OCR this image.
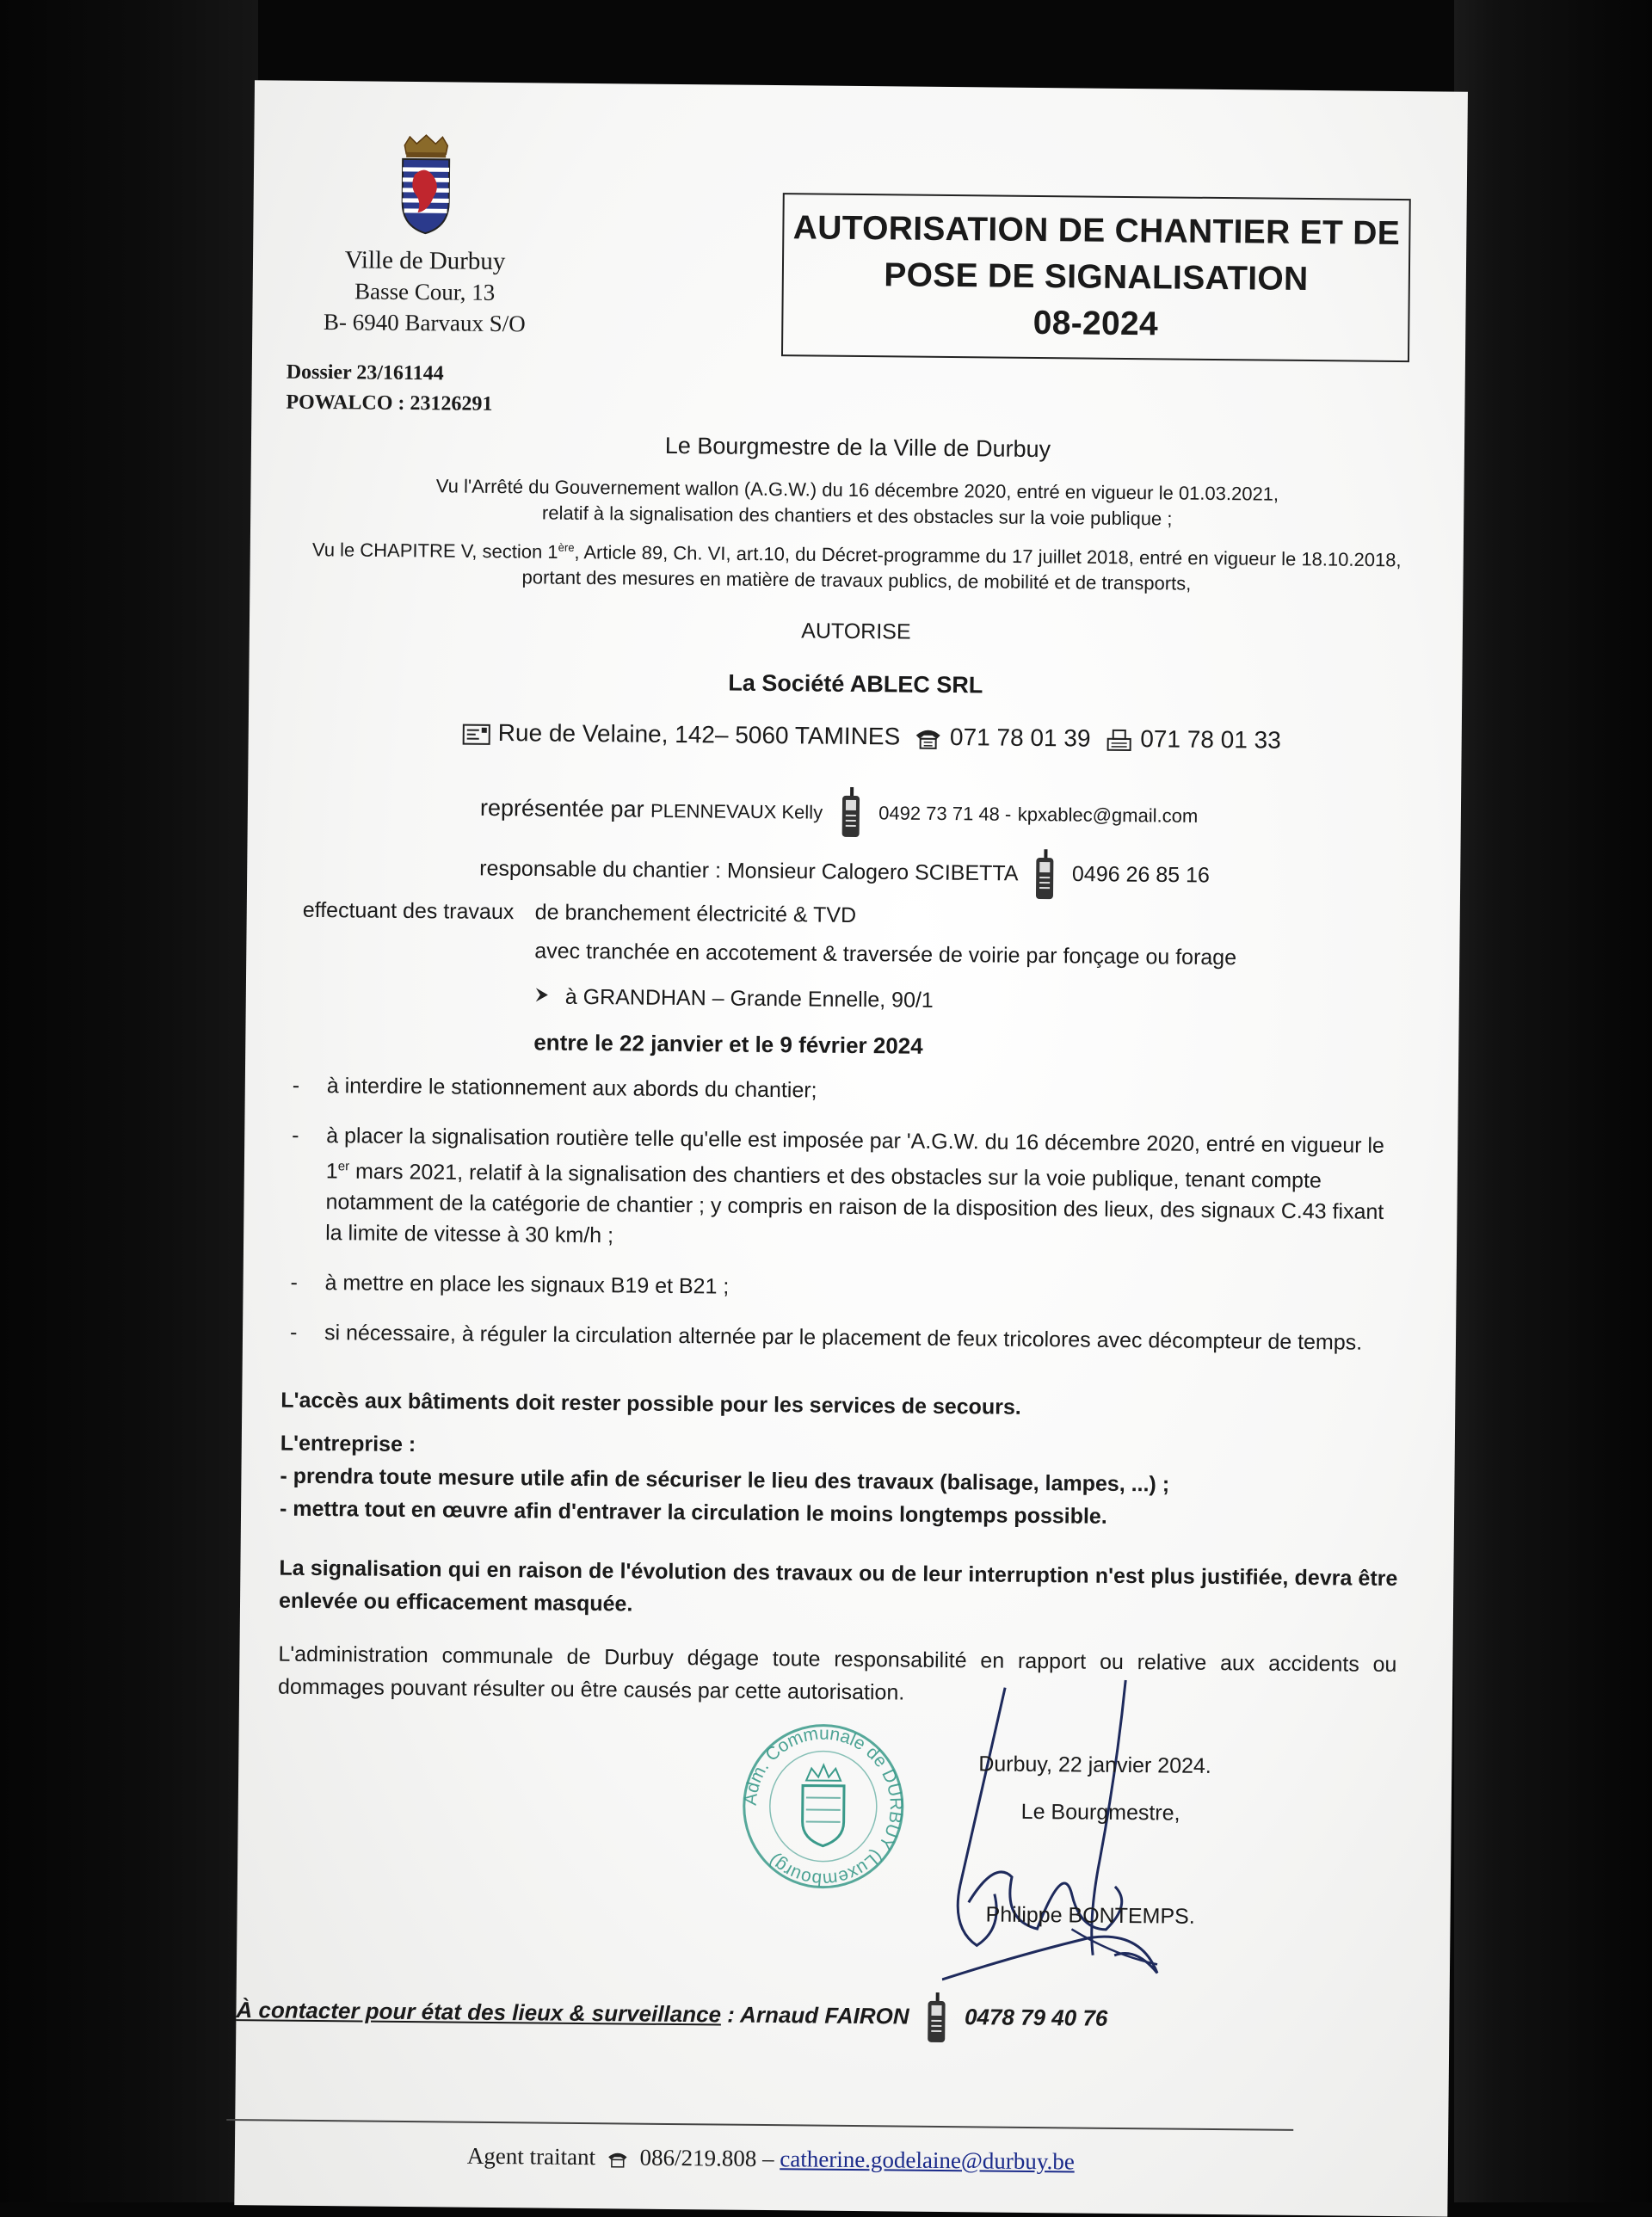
Ville de Durbuy
Basse Cour, 13
B- 6940 Barvaux S/O
Dossier 23/161144
POWALCO : 23126291
AUTORISATION DE CHANTIER ET DE
POSE DE SIGNALISATION
08-2024
Le Bourgmestre de la Ville de Durbuy
Vu l'Arrêté du Gouvernement wallon (A.G.W.) du 16 décembre 2020, entré en vigueur le 01.03.2021,
relatif à la signalisation des chantiers et des obstacles sur la voie publique ;
Vu le CHAPITRE V, section 1ère, Article 89, Ch. VI, art.10, du Décret-programme du 17 juillet 2018, entré en vigueur le 18.10.2018,
portant des mesures en matière de travaux publics, de mobilité et de transports,
AUTORISE
La Société ABLEC SRL
Rue de Velaine, 142– 5060 TAMINES 071 78 01 39 071 78 01 33
représentée par PLENNEVAUX Kelly	0492 73 71 48 - kpxablec@gmail.com
responsable du chantier : Monsieur Calogero SCIBETTA	0496 26 85 16
effectuant des travaux de branchement électricité & TVD
avec tranchée en accotement & traversée de voirie par fonçage ou forage
à GRANDHAN – Grande Ennelle, 90/1
entre le 22 janvier et le 9 février 2024
-	à interdire le stationnement aux abords du chantier;
-	à placer la signalisation routière telle qu'elle est imposée par 'A.G.W. du 16 décembre 2020, entré en vigueur le 1er mars 2021, relatif à la signalisation des chantiers et des obstacles sur la voie publique, tenant compte notamment de la catégorie de chantier ; y compris en raison de la disposition des lieux, des signaux C.43 fixant la limite de vitesse à 30 km/h ;
-	à mettre en place les signaux B19 et B21 ;
-	si nécessaire, à réguler la circulation alternée par le placement de feux tricolores avec décompteur de temps.
L'accès aux bâtiments doit rester possible pour les services de secours.
L'entreprise :
- prendra toute mesure utile afin de sécuriser le lieu des travaux (balisage, lampes, ...) ;
- mettra tout en œuvre afin d'entraver la circulation le moins longtemps possible.
La signalisation qui en raison de l'évolution des travaux ou de leur interruption n'est plus justifiée, devra être enlevée ou efficacement masquée.
L'administration communale de Durbuy dégage toute responsabilité en rapport ou relative aux accidents ou dommages pouvant résulter ou être causés par cette autorisation.
Adm. Communale de DURBUY (Luxembourg)
Durbuy, 22 janvier 2024.
Le Bourgmestre,
Philippe BONTEMPS.
À contacter pour état des lieux & surveillance : Arnaud FAIRON 0478 79 40 76
Agent traitant 086/219.808 – catherine.godelaine@durbuy.be
